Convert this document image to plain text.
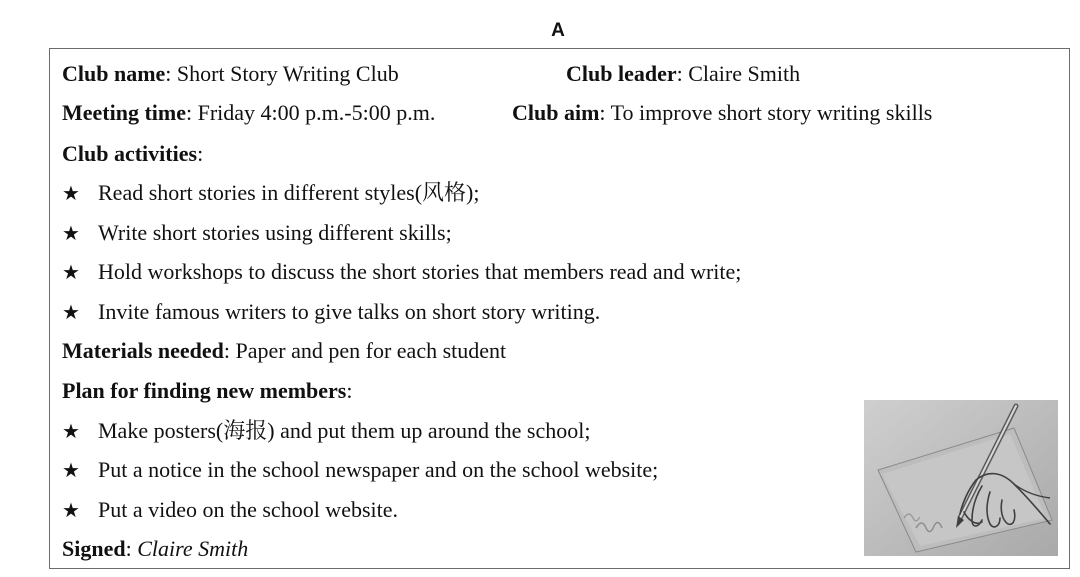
A
Club name: Short Story Writing Club	Club leader: Claire Smith
Meeting time: Friday 4:00 p.m.-5:00 p.m.	Club aim: To improve short story writing skills
Club activities:
★ Read short stories in different styles(风格);
★ Write short stories using different skills;
★ Hold workshops to discuss the short stories that members read and write;
★ Invite famous writers to give talks on short story writing.
Materials needed: Paper and pen for each student
Plan for finding new members:
★ Make posters(海报) and put them up around the school;
★ Put a notice in the school newspaper and on the school website;
★ Put a video on the school website.
Signed: Claire Smith
